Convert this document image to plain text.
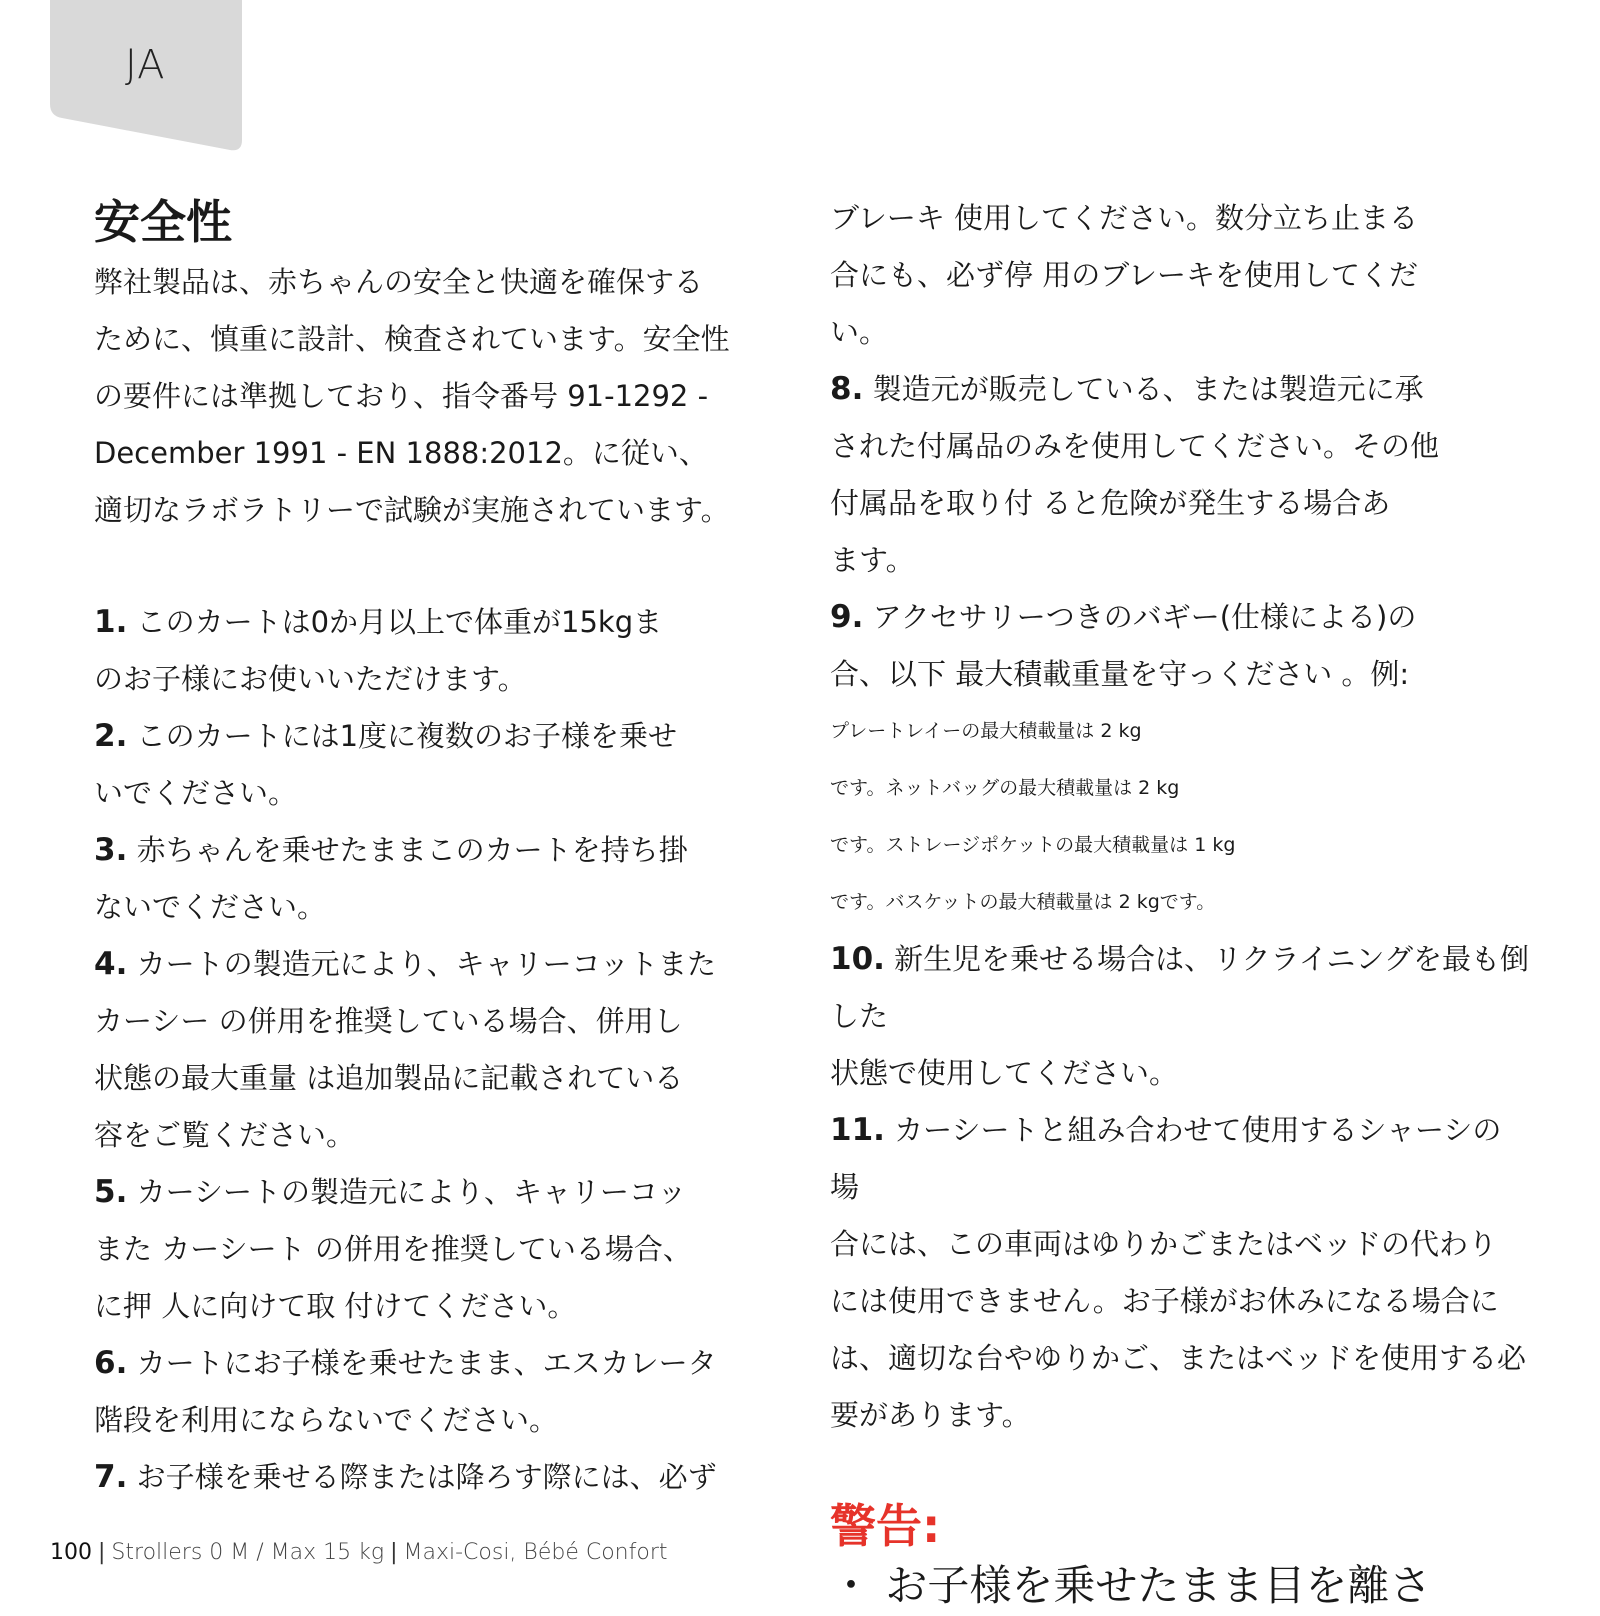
JA
安全性

弊社製品は、赤ちゃんの安全と快適を確保する
ために、慎重に設計、検査されています。安全性
の要件には準拠しており、指令番号 91-1292 -
December 1991 - EN 1888:2012。に従い、
適切なラボラトリーで試験が実施されています。

1. このカートは0か月以上で体重が15kgま
のお子様にお使いいただけます。

2. このカートには1度に複数のお子様を乗せ
いでください。

3. 赤ちゃんを乗せたままこのカートを持ち掛
ないでください。

4. カートの製造元により、キャリーコットまた
カーシー の併用を推奨している場合、併用し
状態の最大重量 は追加製品に記載されている
容をご覧ください。

5. カーシートの製造元により、キャリーコッ
また カーシート の併用を推奨している場合、
に押 人に向けて取 付けてください。

6. カートにお子様を乗せたまま、エスカレータ
階段を利用にならないでください。

7. お子様を乗せる際または降ろす際には、必ず

ブレーキ 使用してください。数分立ち止まる
合にも、必ず停 用のブレーキを使用してくだ
い。

8. 製造元が販売している、または製造元に承
された付属品のみを使用してください。その他
付属品を取り付 ると危険が発生する場合あ
ます。

9. アクセサリーつきのバギー(仕様による)の
合、以下 最大積載重量を守っください 。例:

プレートレイーの最大積載量は 2 kg

です。ネットバッグの最大積載量は 2 kg

です。ストレージポケットの最大積載量は 1 kg

です。バスケットの最大積載量は 2 kgです。

10. 新生児を乗せる場合は、リクライニングを最も倒した
状態で使用してください。

11. カーシートと組み合わせて使用するシャーシの場
合には、この車両はゆりかごまたはベッドの代わり
には使用できません。お子様がお休みになる場合に
は、適切な台やゆりかご、またはベッドを使用する必
要があります。

警告:

・ お子様を乗せたまま目を離さ

100 | Strollers 0 M / Max 15 kg | Maxi-Cosi, Bébé Confort
